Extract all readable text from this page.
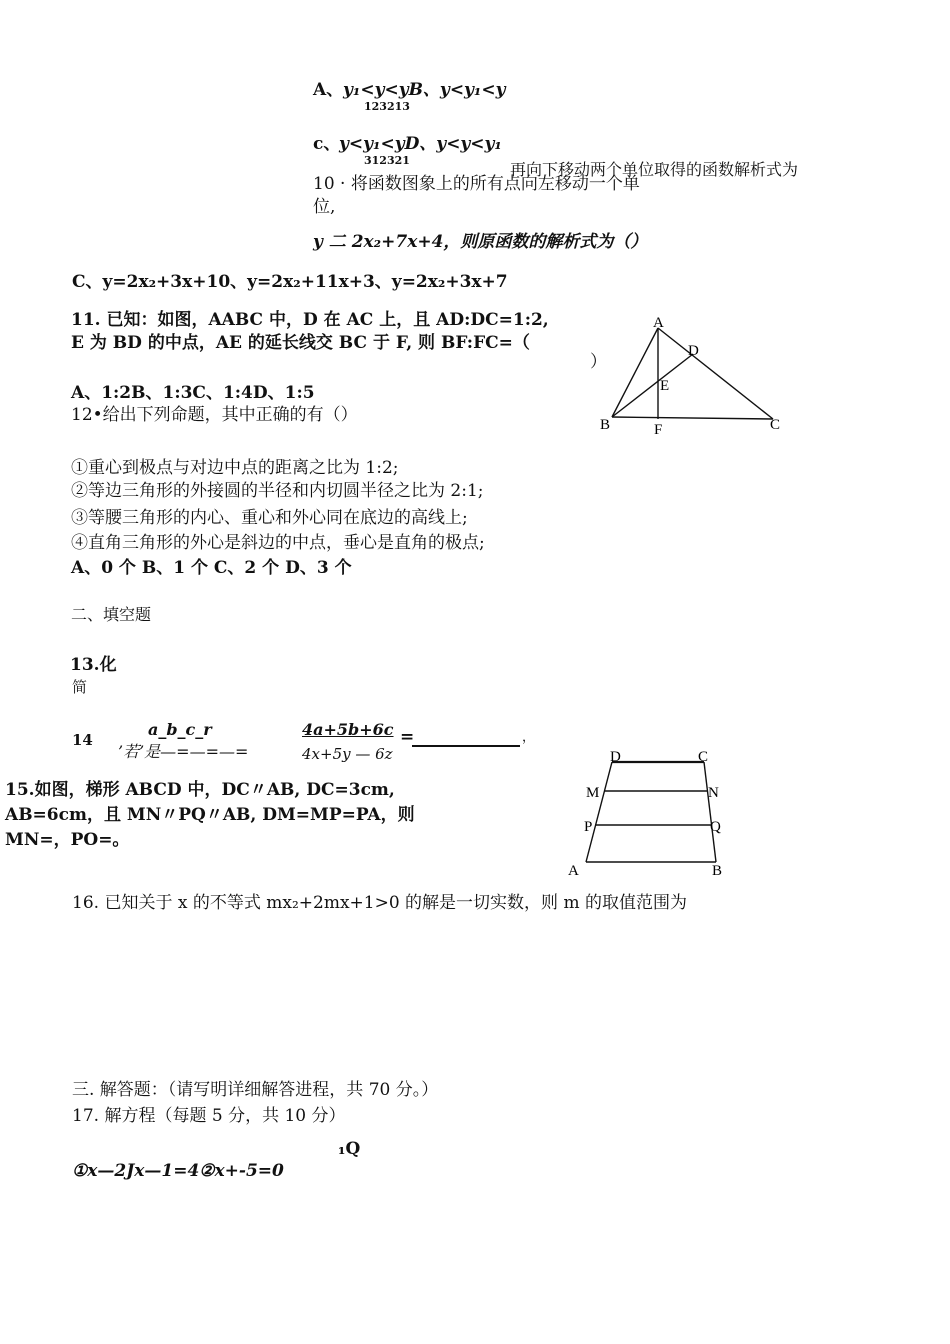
A、 y₁<y<yB、y<y₁<y
123213
c、
y<y₁<yD、y<y<y₁
312321	再向下移动两个单位取得的函数解析式为
10 · 将函数图象上的所有点向左移动一个单
位,
y 二 2x₂+7x+4，则原函数的解析式为（）
C、y=2x₂+3x+10、y=2x₂+11x+3、y=2x₂+3x+7
11. 已知：如图，AABC 中，D 在 AC 上，且 AD:DC=1:2,
E 为 BD 的中点，AE 的延长线交 BC 于 F, 则 BF:FC=（
）
A、1:2B、1:3C、1:4D、1:5
A
D
E
B	F	C
12•给出下列命题，其中正确的有（）
①重心到极点与对边中点的距离之比为 1:2;
②等边三角形的外接圆的半径和内切圆半径之比为 2:1;
③等腰三角形的内心、重心和外心同在底边的高线上;
④直角三角形的外心是斜边的中点，垂心是直角的极点;
A、0 个 B、1 个 C、2 个 D、3 个
二、填空题
13.化
简
14
a_b_c_r
’若’是—=—=—=
4a+5b+6c
4x+5y — 6z
=	，
15.如图，梯形 ABCD 中，DC〃AB, DC=3cm,
AB=6cm，且 MN〃PQ〃AB, DM=MP=PA，则
MN=，PO=。
D	C
M	N
P	Q
A	B
16. 已知关于 x 的不等式 mx₂+2mx+1>0 的解是一切实数，则 m 的取值范围为
三. 解答题：（请写明详细解答进程，共 70 分。）
17. 解方程（每题 5 分，共 10 分）
₁Q
①x—2Jx—1=4②x+-5=0
